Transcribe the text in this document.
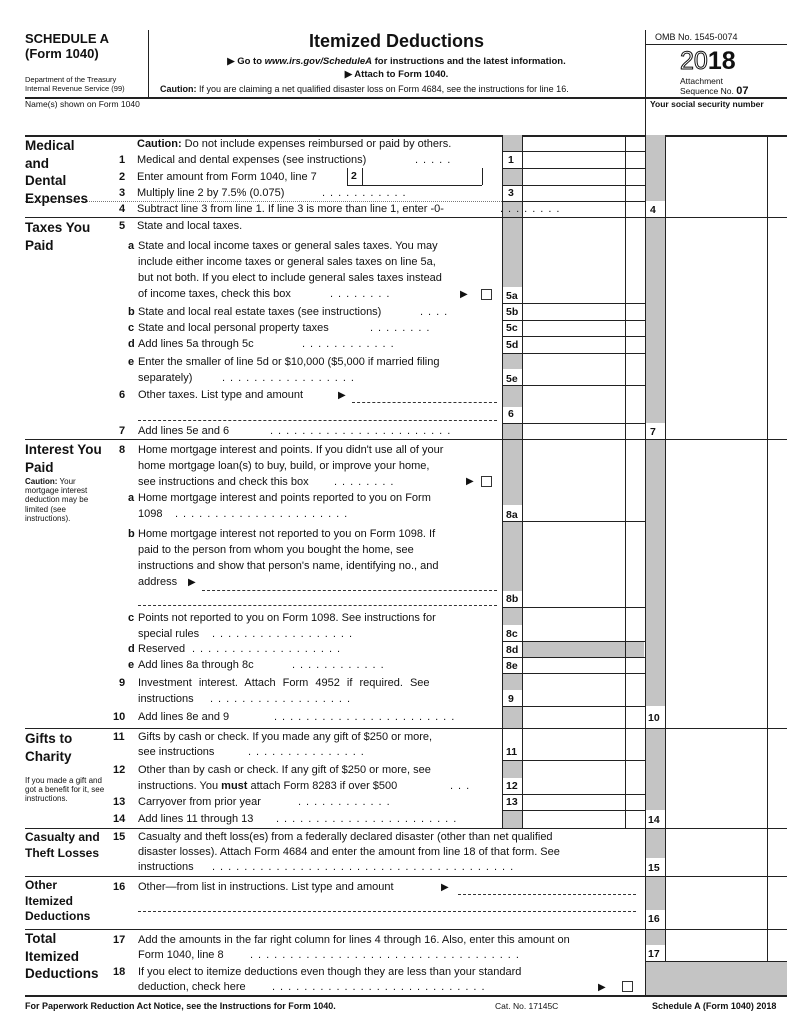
SCHEDULE A
(Form 1040)
Department of the Treasury
Internal Revenue Service (99)
Itemized Deductions
▶ Go to www.irs.gov/ScheduleA for instructions and the latest information.
▶ Attach to Form 1040.
Caution: If you are claiming a net qualified disaster loss on Form 4684, see the instructions for line 16.
OMB No. 1545-0074
2018
Attachment
Sequence No. 07
Name(s) shown on Form 1040	Your social security number
2
Medical
and
Dental
Expenses
Taxes You
Paid
Interest You
Paid
Caution: Your mortgage interest deduction may be limited (see instructions).
Gifts to
Charity
If you made a gift and got a benefit for it, see instructions.
Casualty and
Theft Losses
Other
Itemized
Deductions
Total
Itemized
Deductions
Caution: Do not include expenses reimbursed or paid by others.
1 Medical and dental expenses (see instructions)	.....	1
2 Enter amount from Form 1040, line 7
3 Multiply line 2 by 7.5% (0.075)	...........	3
4 Subtract line 3 from line 1. If line 3 is more than line 1, enter -0-	........	4
5 State and local taxes.
a State and local income taxes or general sales taxes. You may
include either income taxes or general sales taxes on line 5a,
but not both. If you elect to include general sales taxes instead
of income taxes, check this box	........	▶	5a
b State and local real estate taxes (see instructions)	....	5b
c State and local personal property taxes	........	5c
d Add lines 5a through 5c	............	5d
e Enter the smaller of line 5d or $10,000 ($5,000 if married filing
separately)	.................	5e
6 Other taxes. List type and amount	▶
6
7 Add lines 5e and 6	.......................	7
8 Home mortgage interest and points. If you didn't use all of your
home mortgage loan(s) to buy, build, or improve your home,
see instructions and check this box ........	▶
a Home mortgage interest and points reported to you on Form
1098 ......................	8a
b Home mortgage interest not reported to you on Form 1098. If
paid to the person from whom you bought the home, see
instructions and show that person's name, identifying no., and
address ▶
8b
c Points not reported to you on Form 1098. See instructions for
special rules ..................	8c
d Reserved ...................	8d
e Add lines 8a through 8c	............	8e
9 Investment interest. Attach Form 4952 if required. See
instructions ..................	9
10 Add lines 8e and 9	.......................	10
11 Gifts by cash or check. If you made any gift of $250 or more,
see instructions	...............	11
12 Other than by cash or check. If any gift of $250 or more, see
instructions. You must attach Form 8283 if over $500	...	12
13 Carryover from prior year	............	13
14 Add lines 11 through 13 .......................	14
15 Casualty and theft loss(es) from a federally declared disaster (other than net qualified
disaster losses). Attach Form 4684 and enter the amount from line 18 of that form. See
instructions ......................................	15
16 Other—from list in instructions. List type and amount	▶
16
17 Add the amounts in the far right column for lines 4 through 16. Also, enter this amount on
Form 1040, line 8 ..................................	17
18 If you elect to itemize deductions even though they are less than your standard
deduction, check here ...........................	▶
For Paperwork Reduction Act Notice, see the Instructions for Form 1040.	Cat. No. 17145C	Schedule A (Form 1040) 2018
